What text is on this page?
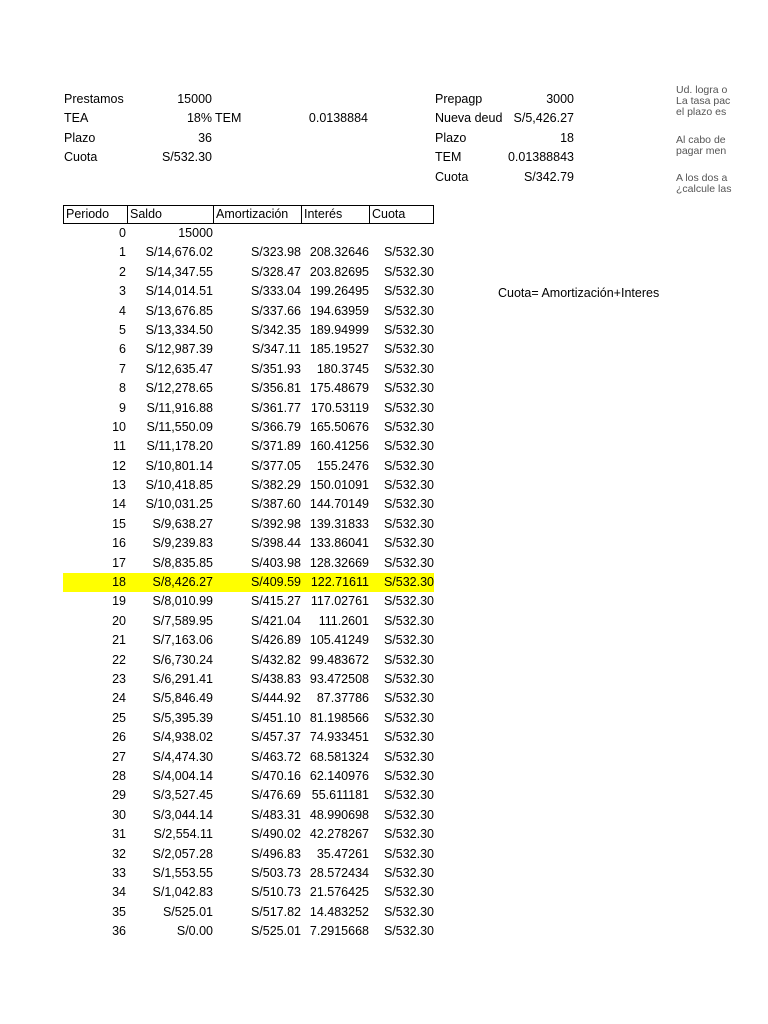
Prestamos	15000
TEA	18% TEM	0.0138884
Plazo	36
Cuota	S/532.30
Prepagp	3000
Nueva deud S/5,426.27
Plazo	18
TEM	0.01388843
Cuota	S/342.79
Ud. logra o
La tasa pac
el plazo es
Al cabo de
pagar men
A los dos a
¿calcule las
Cuota= Amortización+Interes
Periodo	Saldo	Amortización	Interés	Cuota
0	15000
1	S/14,676.02	S/323.98 208.32646	S/532.30
2	S/14,347.55	S/328.47 203.82695	S/532.30
3	S/14,014.51	S/333.04 199.26495	S/532.30
4	S/13,676.85	S/337.66 194.63959	S/532.30
5	S/13,334.50	S/342.35 189.94999	S/532.30
6	S/12,987.39	S/347.11 185.19527	S/532.30
7	S/12,635.47	S/351.93	180.3745	S/532.30
8	S/12,278.65	S/356.81 175.48679	S/532.30
9	S/11,916.88	S/361.77 170.53119	S/532.30
10	S/11,550.09	S/366.79 165.50676	S/532.30
11	S/11,178.20	S/371.89 160.41256	S/532.30
12	S/10,801.14	S/377.05	155.2476	S/532.30
13	S/10,418.85	S/382.29 150.01091	S/532.30
14	S/10,031.25	S/387.60 144.70149	S/532.30
15	S/9,638.27	S/392.98 139.31833	S/532.30
16	S/9,239.83	S/398.44 133.86041	S/532.30
17	S/8,835.85	S/403.98 128.32669	S/532.30
18	S/8,426.27	S/409.59 122.71611	S/532.30
19	S/8,010.99	S/415.27 117.02761	S/532.30
20	S/7,589.95	S/421.04	111.2601	S/532.30
21	S/7,163.06	S/426.89 105.41249	S/532.30
22	S/6,730.24	S/432.82 99.483672	S/532.30
23	S/6,291.41	S/438.83 93.472508	S/532.30
24	S/5,846.49	S/444.92	87.37786	S/532.30
25	S/5,395.39	S/451.10 81.198566	S/532.30
26	S/4,938.02	S/457.37 74.933451	S/532.30
27	S/4,474.30	S/463.72 68.581324	S/532.30
28	S/4,004.14	S/470.16 62.140976	S/532.30
29	S/3,527.45	S/476.69 55.611181	S/532.30
30	S/3,044.14	S/483.31 48.990698	S/532.30
31	S/2,554.11	S/490.02 42.278267	S/532.30
32	S/2,057.28	S/496.83	35.47261	S/532.30
33	S/1,553.55	S/503.73 28.572434	S/532.30
34	S/1,042.83	S/510.73 21.576425	S/532.30
35	S/525.01	S/517.82 14.483252	S/532.30
36	S/0.00	S/525.01 7.2915668	S/532.30
